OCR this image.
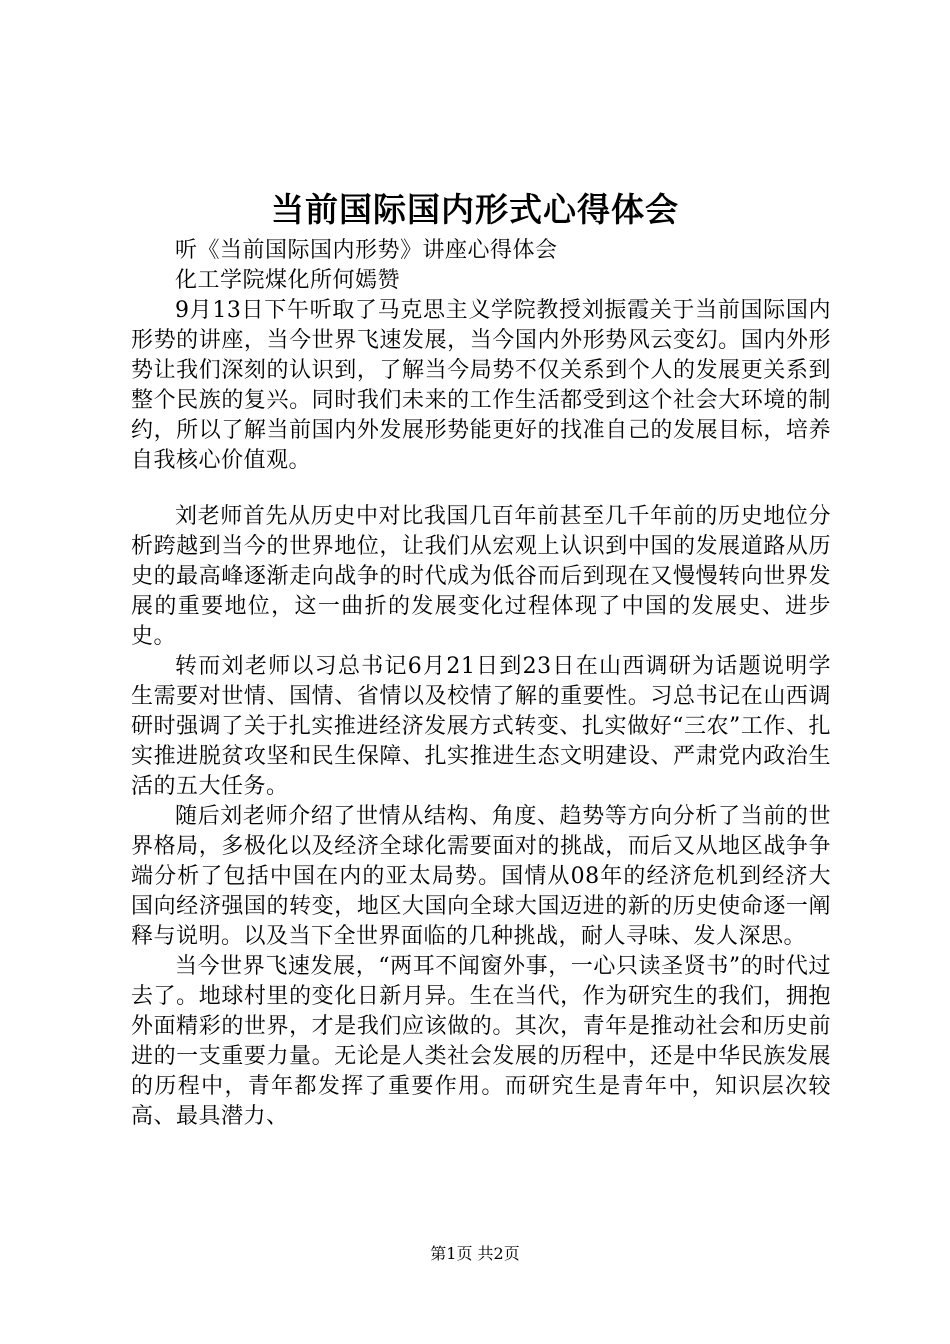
当前国际国内形式心得体会

听《当前国际国内形势》讲座心得体会

化工学院煤化所何嫣赞

9月13日下午听取了马克思主义学院教授刘振霞关于当前国际国内形势的讲座，当今世界飞速发展，当今国内外形势风云变幻。国内外形势让我们深刻的认识到，了解当今局势不仅关系到个人的发展更关系到整个民族的复兴。同时我们未来的工作生活都受到这个社会大环境的制约，所以了解当前国内外发展形势能更好的找准自己的发展目标，培养自我核心价值观。

刘老师首先从历史中对比我国几百年前甚至几千年前的历史地位分析跨越到当今的世界地位，让我们从宏观上认识到中国的发展道路从历史的最高峰逐渐走向战争的时代成为低谷而后到现在又慢慢转向世界发展的重要地位，这一曲折的发展变化过程体现了中国的发展史、进步史。

转而刘老师以习总书记6月21日到23日在山西调研为话题说明学生需要对世情、国情、省情以及校情了解的重要性。习总书记在山西调研时强调了关于扎实推进经济发展方式转变、扎实做好“三农”工作、扎实推进脱贫攻坚和民生保障、扎实推进生态文明建设、严肃党内政治生活的五大任务。

随后刘老师介绍了世情从结构、角度、趋势等方向分析了当前的世界格局，多极化以及经济全球化需要面对的挑战，而后又从地区战争争端分析了包括中国在内的亚太局势。国情从08年的经济危机到经济大国向经济强国的转变，地区大国向全球大国迈进的新的历史使命逐一阐释与说明。以及当下全世界面临的几种挑战，耐人寻味、发人深思。

当今世界飞速发展，“两耳不闻窗外事，一心只读圣贤书”的时代过去了。地球村里的变化日新月异。生在当代，作为研究生的我们，拥抱外面精彩的世界，才是我们应该做的。其次，青年是推动社会和历史前进的一支重要力量。无论是人类社会发展的历程中，还是中华民族发展的历程中，青年都发挥了重要作用。而研究生是青年中，知识层次较高、最具潜力、

第1页 共2页
